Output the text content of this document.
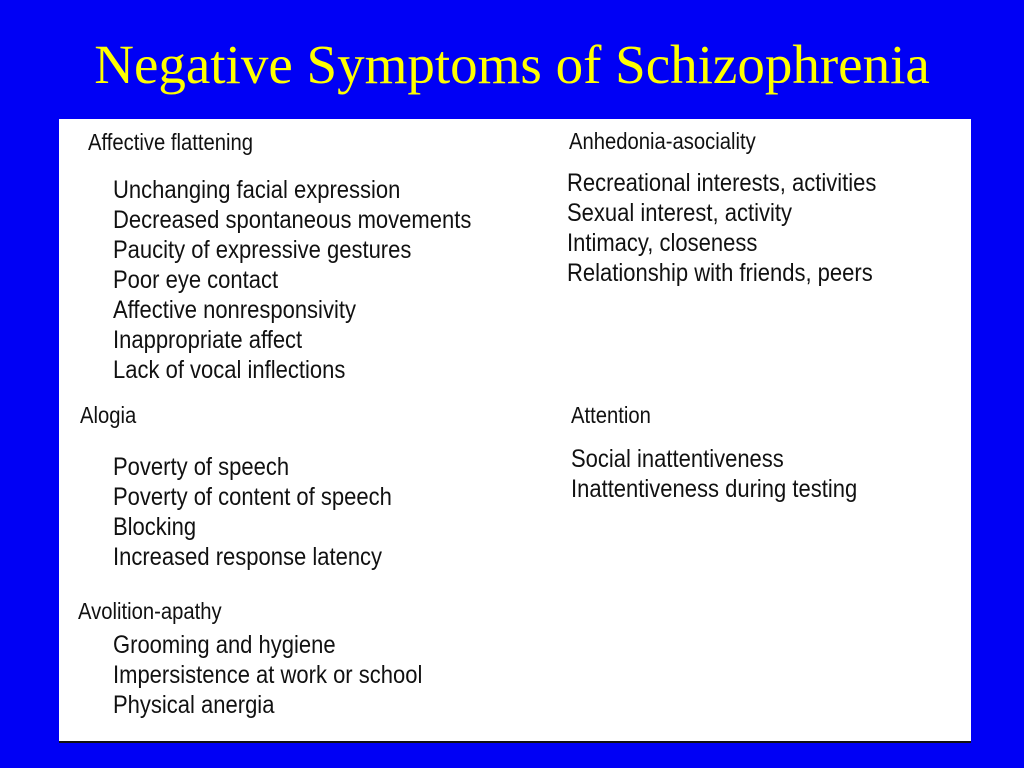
Negative Symptoms of Schizophrenia
Affective flattening
Unchanging facial expression
Decreased spontaneous movements
Paucity of expressive gestures
Poor eye contact
Affective nonresponsivity
Inappropriate affect
Lack of vocal inflections
Anhedonia-asociality
Recreational interests, activities
Sexual interest, activity
Intimacy, closeness
Relationship with friends, peers
Alogia
Poverty of speech
Poverty of content of speech
Blocking
Increased response latency
Attention
Social inattentiveness
Inattentiveness during testing
Avolition-apathy
Grooming and hygiene
Impersistence at work or school
Physical anergia
